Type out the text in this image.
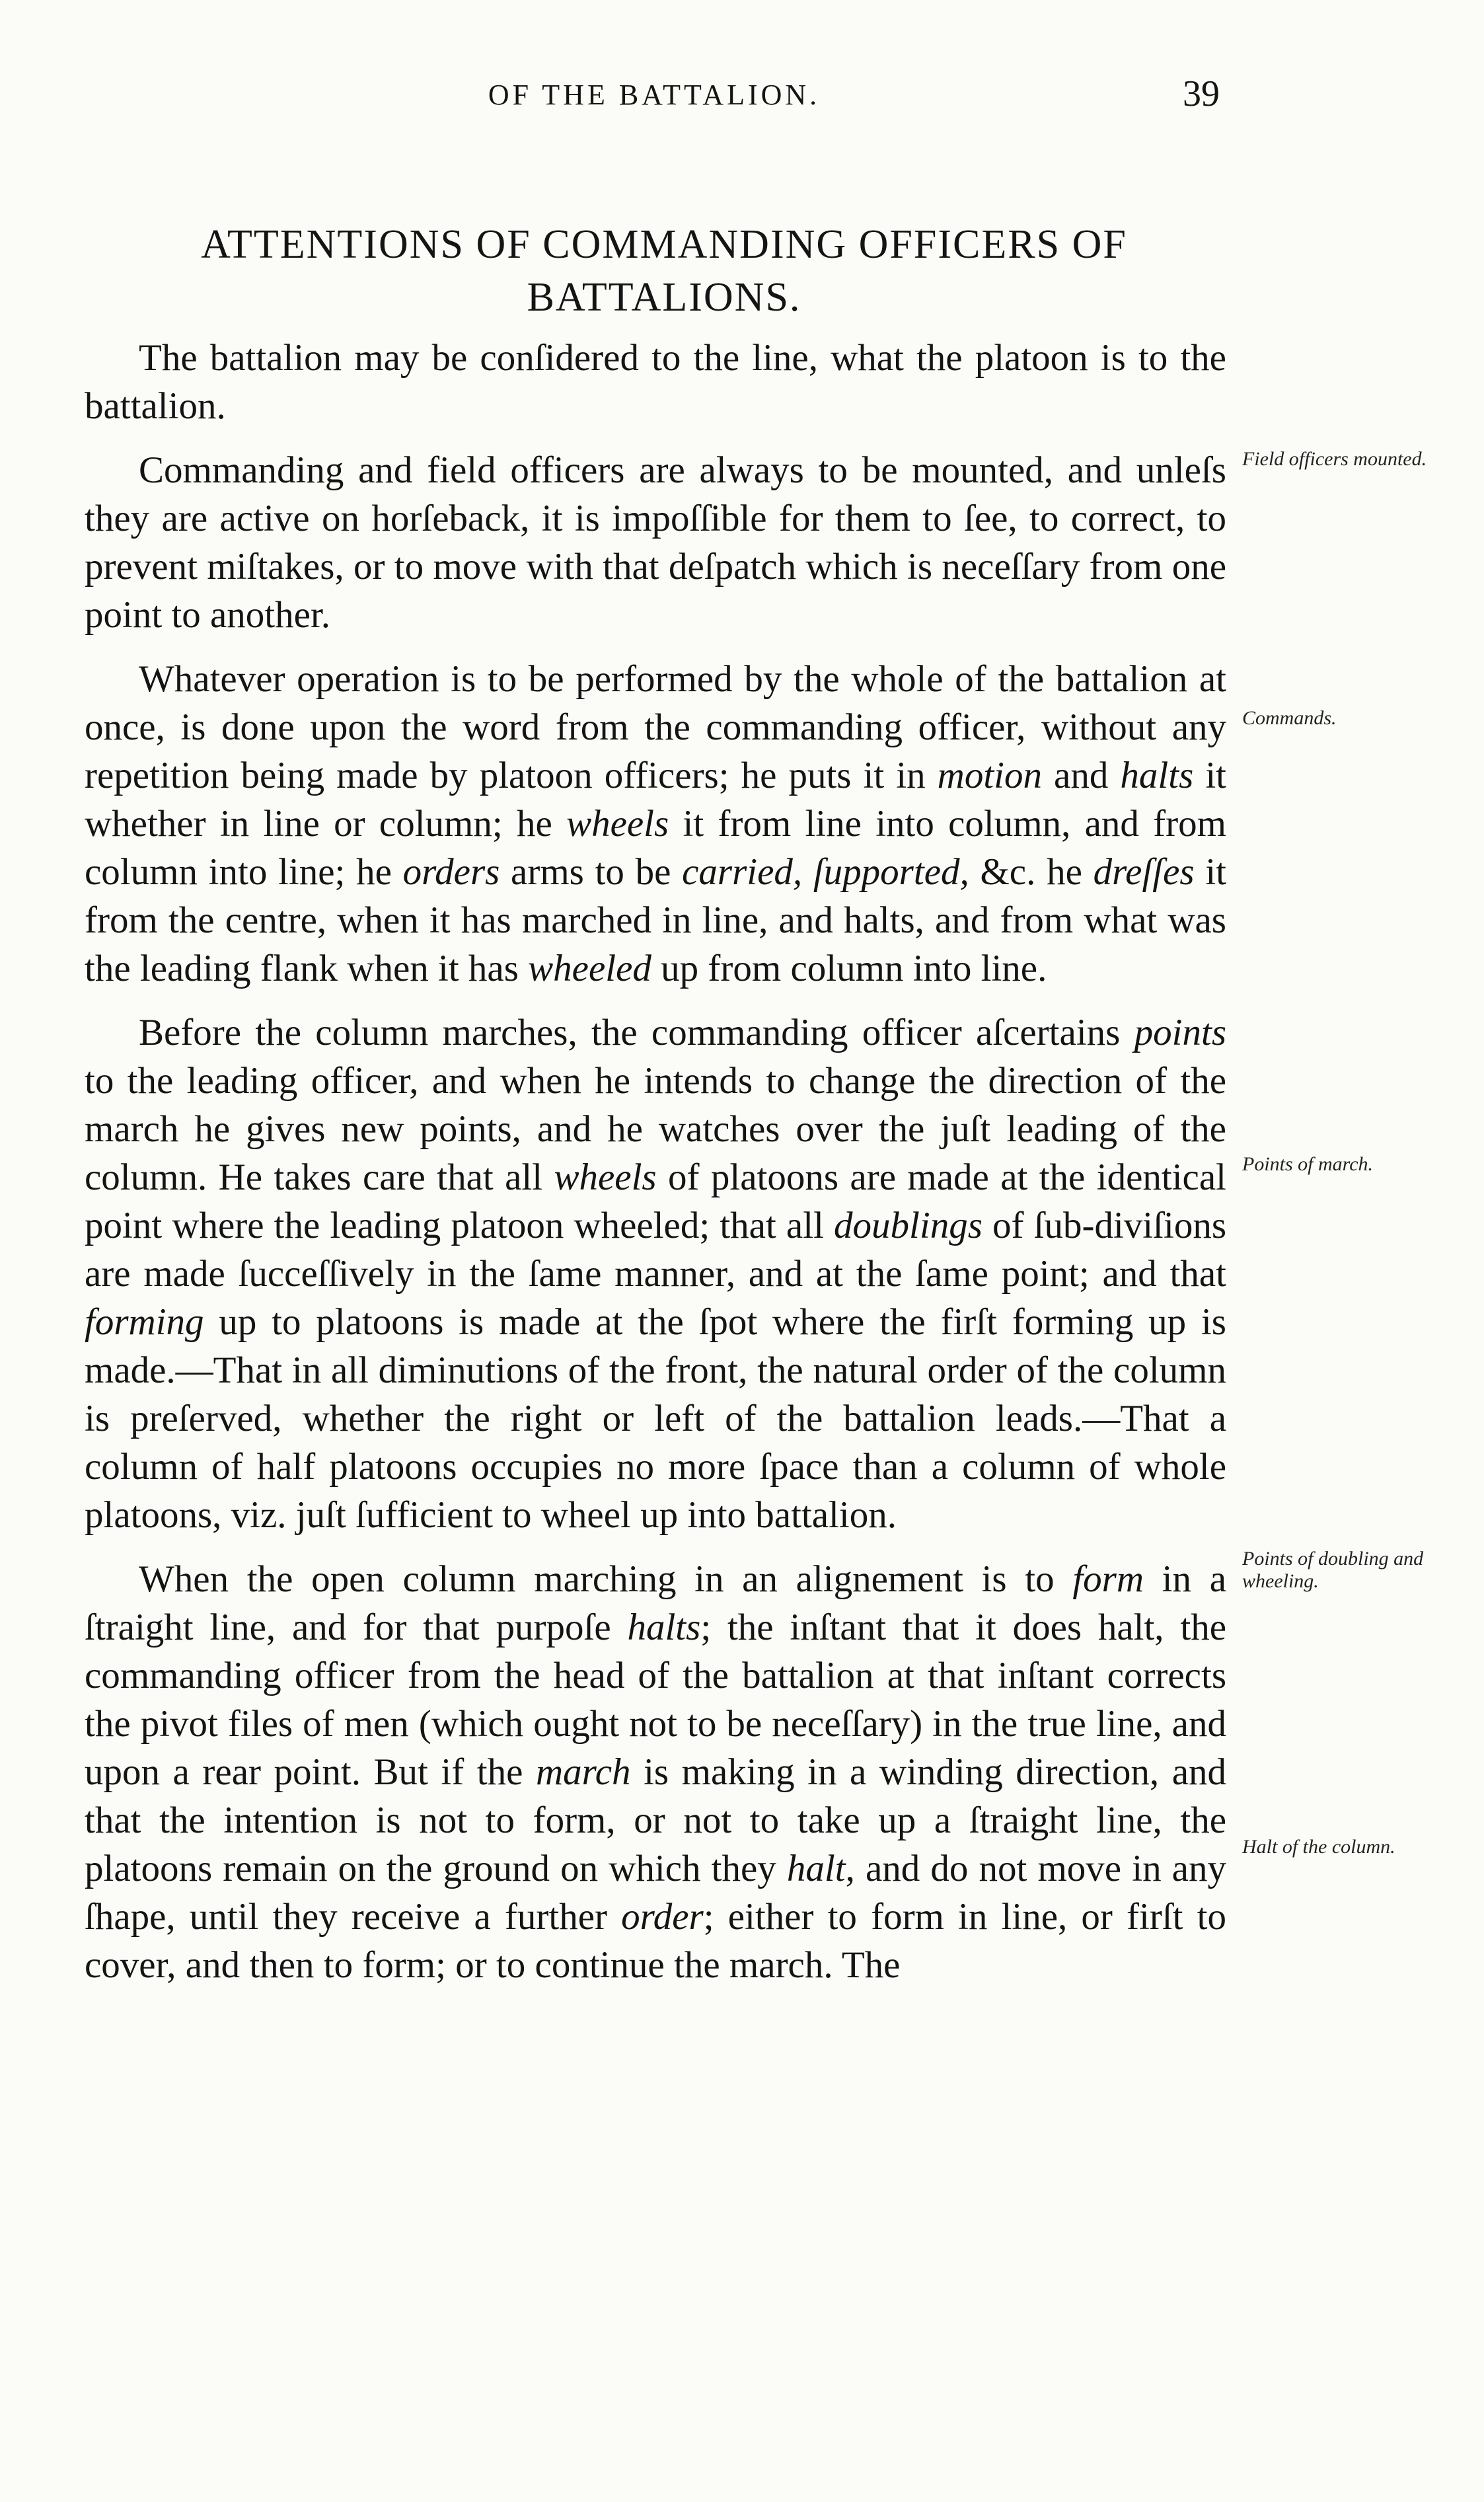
OF THE BATTALION.	39
ATTENTIONS OF COMMANDING OFFICERS OF BATTALIONS.

The battalion may be conſidered to the line, what the platoon is to the battalion.

Commanding and field officers are always to be mounted, and unleſs they are active on horſeback, it is impoſſible for them to ſee, to correct, to prevent miſtakes, or to move with that deſpatch which is neceſſary from one point to another.

Whatever operation is to be performed by the whole of the battalion at once, is done upon the word from the commanding officer, without any repetition being made by platoon officers; he puts it in motion and halts it whether in line or column; he wheels it from line into column, and from column into line; he orders arms to be carried, ſupported, &c. he dreſſes it from the centre, when it has marched in line, and halts, and from what was the leading flank when it has wheeled up from column into line.

Before the column marches, the commanding officer aſcertains points to the leading officer, and when he intends to change the direction of the march he gives new points, and he watches over the juſt leading of the column. He takes care that all wheels of platoons are made at the identical point where the leading platoon wheeled; that all doublings of ſub-diviſions are made ſucceſſively in the ſame manner, and at the ſame point; and that forming up to platoons is made at the ſpot where the firſt forming up is made.—That in all diminutions of the front, the natural order of the column is preſerved, whether the right or left of the battalion leads.—That a column of half platoons occupies no more ſpace than a column of whole platoons, viz. juſt ſufficient to wheel up into battalion.

When the open column marching in an alignement is to form in a ſtraight line, and for that purpoſe halts; the inſtant that it does halt, the commanding officer from the head of the battalion at that inſtant corrects the pivot files of men (which ought not to be neceſſary) in the true line, and upon a rear point. But if the march is making in a winding direction, and that the intention is not to form, or not to take up a ſtraight line, the platoons remain on the ground on which they halt, and do not move in any ſhape, until they receive a further order; either to form in line, or firſt to cover, and then to form; or to continue the march. The

Field officers mounted.
Commands.
Points of march.
Points of doubling and wheeling.
Halt of the column.
